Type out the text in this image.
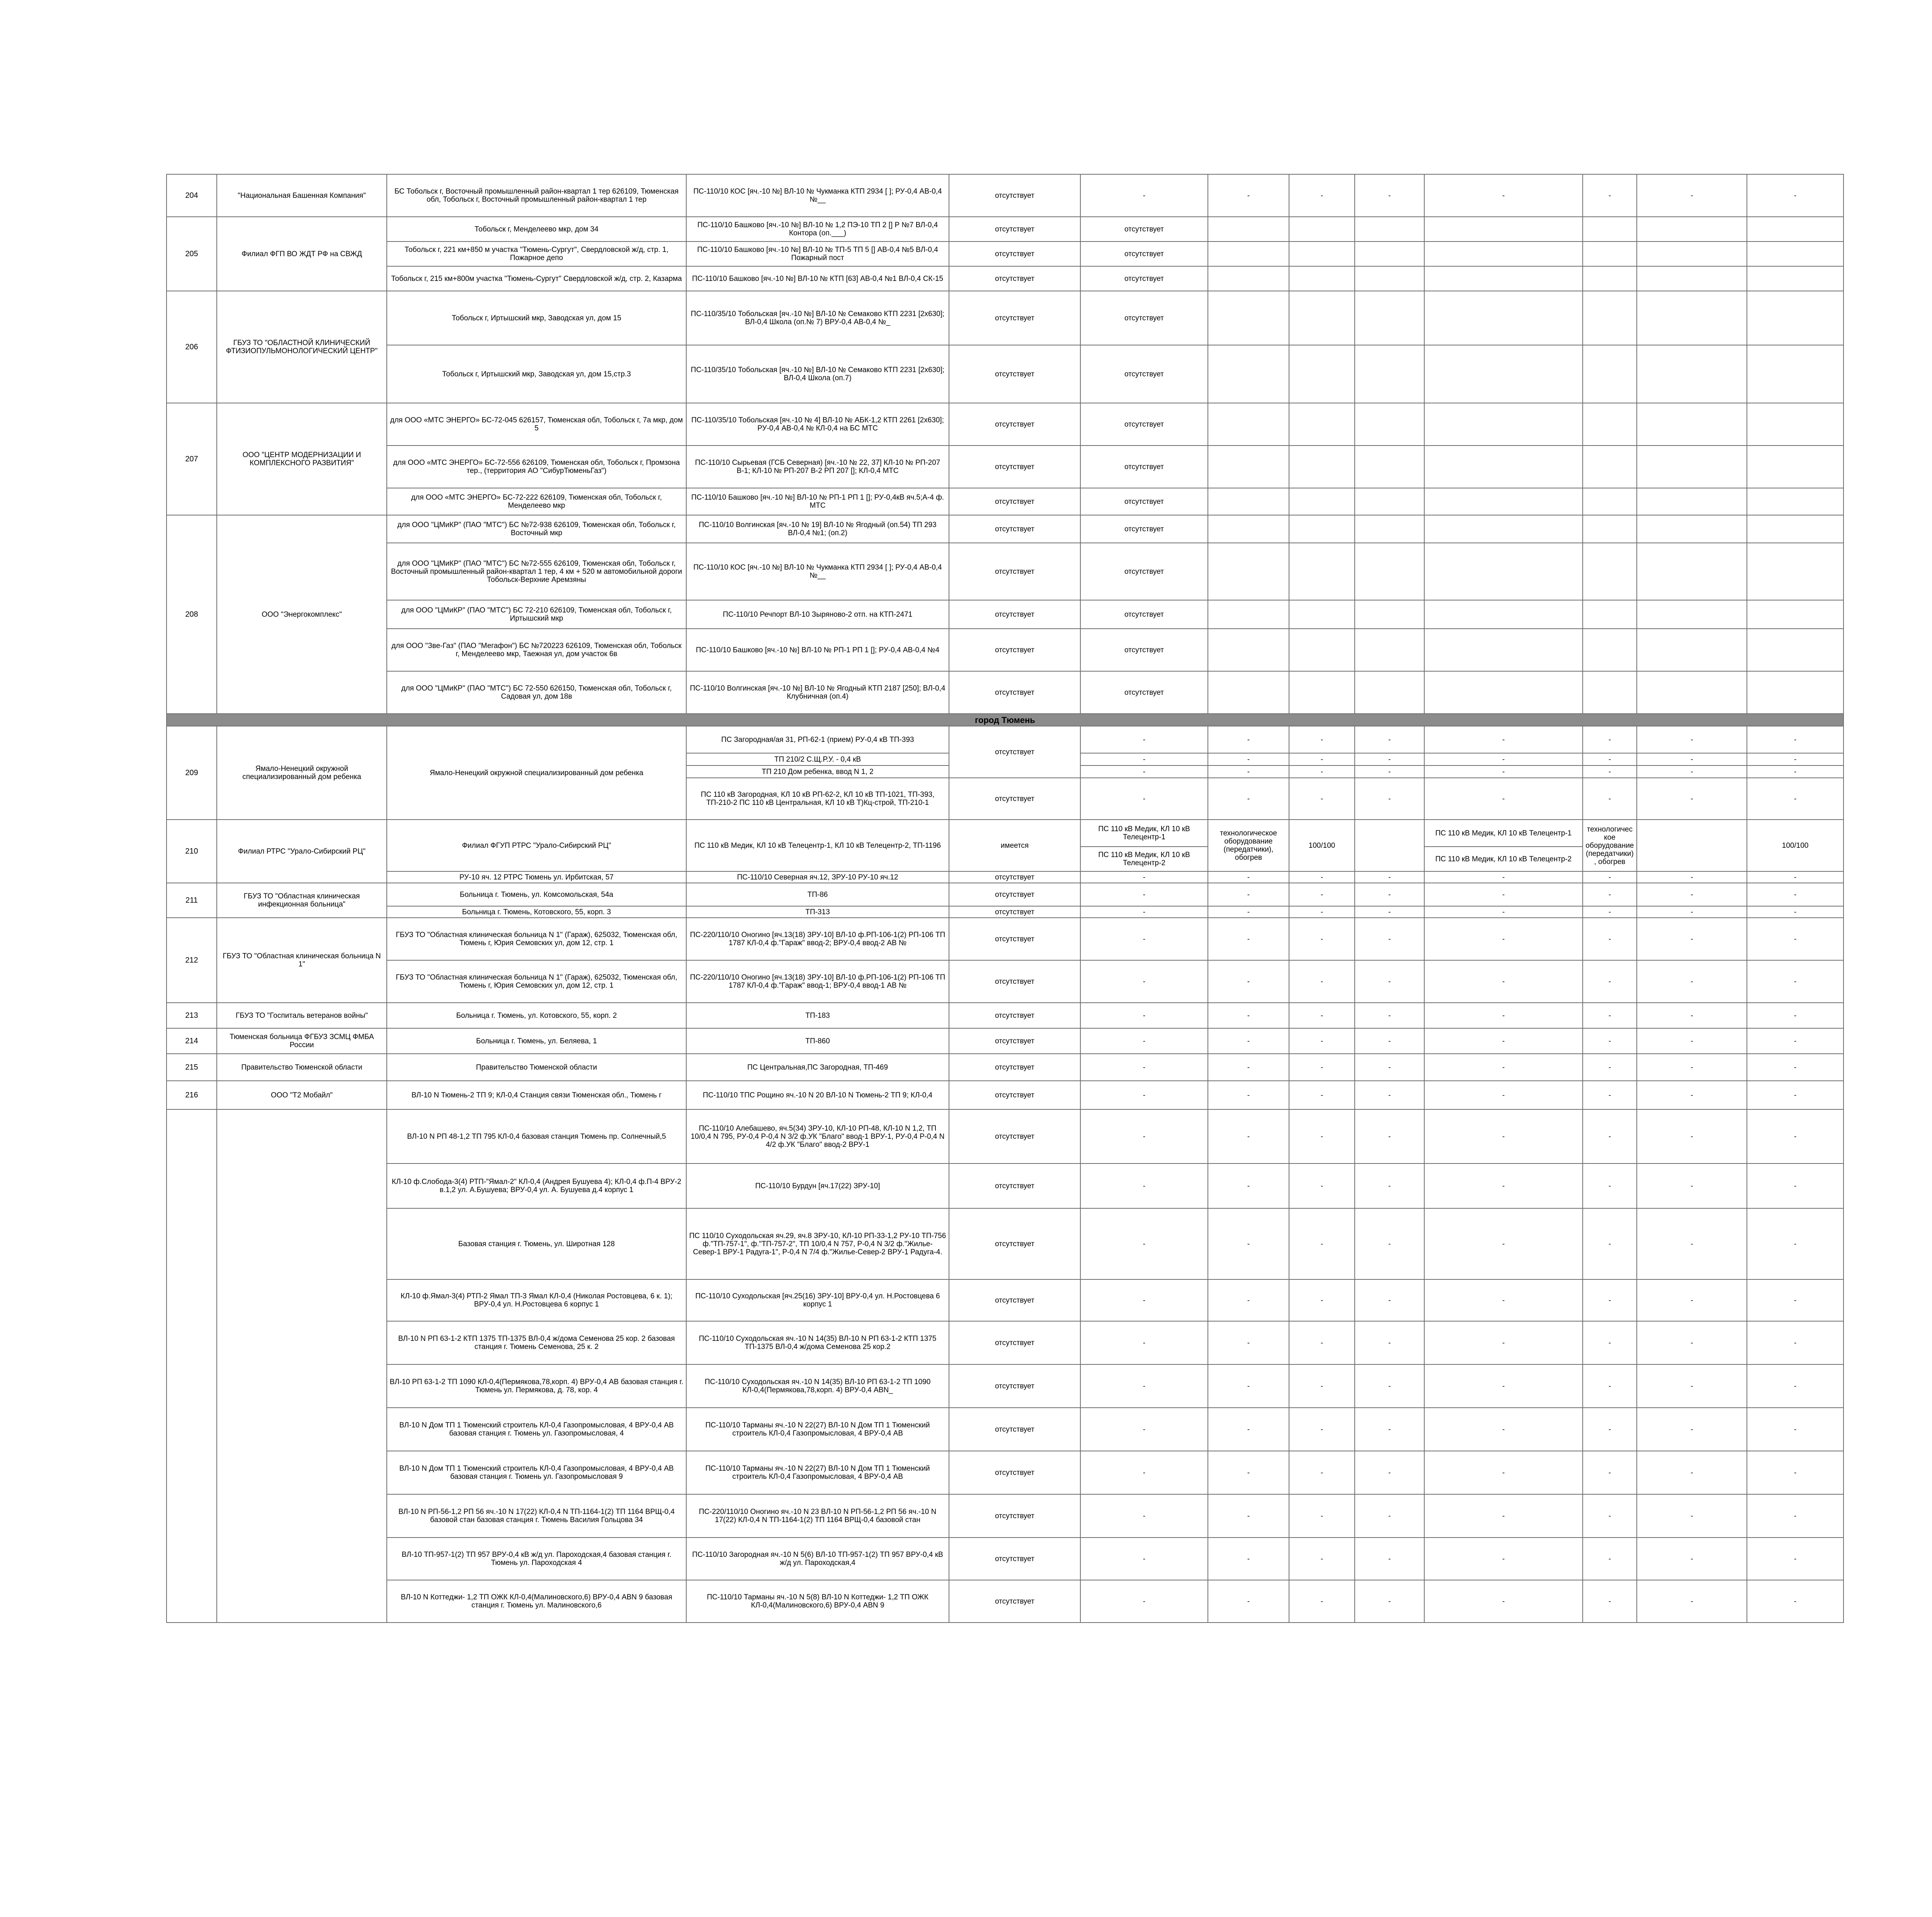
204	"Национальная Башенная Компания"	БС Тобольск г, Восточный промышленный район-квартал 1 тер 626109, Тюменская обл, Тобольск г, Восточный промышленный район-квартал 1 тер	ПС-110/10 КОС [яч.-10 №] ВЛ-10 № Чукманка КТП 2934 [ ]; РУ-0,4 АВ-0,4 №__	отсутствует	-	-	-	-	-	-	-	-
205	Филиал ФГП ВО ЖДТ РФ на СВЖД	Тобольск г, Менделеево мкр, дом 34	ПС-110/10 Башково [яч.-10 №] ВЛ-10 № 1,2 ПЭ-10 ТП 2 [] Р №7 ВЛ-0,4 Контора (оп.___)	отсутствует	отсутствует							
		Тобольск г, 221 км+850 м участка "Тюмень-Сургут", Свердловской ж/д, стр. 1, Пожарное депо	ПС-110/10 Башково [яч.-10 №] ВЛ-10 № ТП-5 ТП 5 [] АВ-0,4 №5 ВЛ-0,4 Пожарный пост	отсутствует	отсутствует							
		Тобольск г, 215 км+800м участка "Тюмень-Сургут" Свердловской ж/д, стр. 2, Казарма	ПС-110/10 Башково [яч.-10 №] ВЛ-10 № КТП [63] АВ-0,4 №1 ВЛ-0,4 СК-15	отсутствует	отсутствует							
206	ГБУЗ ТО "ОБЛАСТНОЙ КЛИНИЧЕСКИЙ ФТИЗИОПУЛЬМОНОЛОГИЧЕСКИЙ ЦЕНТР"	Тобольск г, Иртышский мкр, Заводская ул, дом 15	ПС-110/35/10 Тобольская [яч.-10 №] ВЛ-10 № Семаково КТП 2231 [2х630]; ВЛ-0,4 Школа (оп.№ 7) ВРУ-0,4 АВ-0,4 №_	отсутствует	отсутствует							
		Тобольск г, Иртышский мкр, Заводская ул, дом 15,стр.3	ПС-110/35/10 Тобольская [яч.-10 №] ВЛ-10 № Семаково КТП 2231 [2х630]; ВЛ-0,4 Школа (оп.7)	отсутствует	отсутствует							
207	ООО "ЦЕНТР МОДЕРНИЗАЦИИ И КОМПЛЕКСНОГО РАЗВИТИЯ"	для ООО «МТС ЭНЕРГО» БС-72-045 626157, Тюменская обл, Тобольск г, 7а мкр, дом 5	ПС-110/35/10 Тобольская [яч.-10 № 4] ВЛ-10 № АБК-1,2 КТП 2261 [2х630]; РУ-0,4 АВ-0,4 № КЛ-0,4 на БС МТС	отсутствует	отсутствует							
		для ООО «МТС ЭНЕРГО» БС-72-556 626109, Тюменская обл, Тобольск г, Промзона тер., (территория АО "СибурТюменьГаз")	ПС-110/10 Сырьевая (ГСБ Северная) [яч.-10 № 22, 37] КЛ-10 № РП-207 В-1; КЛ-10 № РП-207 В-2 РП 207 []; КЛ-0,4 МТС	отсутствует	отсутствует							
		для ООО «МТС ЭНЕРГО» БС-72-222 626109, Тюменская обл, Тобольск г, Менделеево мкр	ПС-110/10 Башково [яч.-10 №] ВЛ-10 № РП-1 РП 1 []; РУ-0,4кВ яч.5;А-4 ф. МТС	отсутствует	отсутствует							
208	ООО "Энергокомплекс"	для ООО "ЦМиКР" (ПАО "МТС") БС №72-938 626109, Тюменская обл, Тобольск г, Восточный мкр	ПС-110/10 Волгинская [яч.-10 № 19] ВЛ-10 № Ягодный (оп.54) ТП 293 ВЛ-0,4 №1; (оп.2)	отсутствует	отсутствует							
		для ООО "ЦМиКР" (ПАО "МТС") БС №72-555 626109, Тюменская обл, Тобольск г, Восточный промышленный район-квартал 1 тер, 4 км + 520 м автомобильной дороги Тобольск-Верхние Аремзяны	ПС-110/10 КОС [яч.-10 №] ВЛ-10 № Чукманка КТП 2934 [ ]; РУ-0,4 АВ-0,4 №__	отсутствует	отсутствует							
		для ООО "ЦМиКР" (ПАО "МТС") БС 72-210 626109, Тюменская обл, Тобольск г, Иртышский мкр	ПС-110/10 Речпорт ВЛ-10 Зыряново-2 отп. на КТП-2471	отсутствует	отсутствует							
		для ООО "Зве-Газ" (ПАО "Мегафон") БС №720223 626109, Тюменская обл, Тобольск г, Менделеево мкр, Таежная ул, дом участок 6в	ПС-110/10 Башково [яч.-10 №] ВЛ-10 № РП-1 РП 1 []; РУ-0,4 АВ-0,4 №4	отсутствует	отсутствует							
		для ООО "ЦМиКР" (ПАО "МТС") БС 72-550 626150, Тюменская обл, Тобольск г, Садовая ул, дом 18в	ПС-110/10 Волгинская [яч.-10 №] ВЛ-10 № Ягодный КТП 2187 [250]; ВЛ-0,4 Клубничная (оп.4)	отсутствует	отсутствует							
город Тюмень												
209	Ямало-Ненецкий окружной специализированный дом ребенка	Ямало-Ненецкий окружной специализированный дом ребенка	ПС Загородная/ая 31, РП-62-1 (прием) РУ-0,4 кВ ТП-393	отсутствует	-	-	-	-	-	-	-	-
			ТП 210/2 С.Щ.Р.У. - 0,4 кВ		-	-	-	-	-	-	-	-
			ТП 210 Дом ребенка, ввод N 1, 2		-	-	-	-	-	-	-	-
			ПС 110 кВ Загородная, КЛ 10 кВ РП-62-2, КЛ 10 кВ ТП-1021, ТП-393, ТП-210-2 ПС 110 кВ Центральная, КЛ 10 кВ Т)Кц-строй, ТП-210-1	отсутствует	-	-	-	-	-	-	-	-
210	Филиал РТРС "Урало-Сибирский РЦ"	Филиал ФГУП РТРС "Урало-Сибирский РЦ"	ПС 110 кВ Медик, КЛ 10 кВ Телецентр-1, КЛ 10 кВ Телецентр-2, ТП-1196	имеется	ПС 110 кВ Медик, КЛ 10 кВ Телецентр-1	технологическое оборудование (передатчики), обогрев	100/100		ПС 110 кВ Медик, КЛ 10 кВ Телецентр-1	технологическое оборудование (передатчики), обогрев		100/100
					ПС 110 кВ Медик, КЛ 10 кВ Телецентр-2				ПС 110 кВ Медик, КЛ 10 кВ Телецентр-2			
		РУ-10 яч. 12 РТРС Тюмень ул. Ирбитская, 57	ПС-110/10 Северная яч.12, ЗРУ-10 РУ-10 яч.12	отсутствует	-	-	-	-	-	-	-	-
211	ГБУЗ ТО "Областная клиническая инфекционная больница"	Больница г. Тюмень, ул. Комсомольская, 54а	ТП-86	отсутствует	-	-	-	-	-	-	-	-
		Больница г. Тюмень, Котовского, 55, корп. 3	ТП-313	отсутствует	-	-	-	-	-	-	-	-
212	ГБУЗ ТО "Областная клиническая больница N 1"	ГБУЗ ТО "Областная клиническая больница N 1" (Гараж), 625032, Тюменская обл, Тюмень г, Юрия Семовских ул, дом 12, стр. 1	ПС-220/110/10 Оногино [яч.13(18) ЗРУ-10] ВЛ-10 ф.РП-106-1(2) РП-106 ТП 1787 КЛ-0,4 ф."Гараж" ввод-2; ВРУ-0,4 ввод-2 АВ №	отсутствует	-	-	-	-	-	-	-	-
		ГБУЗ ТО "Областная клиническая больница N 1" (Гараж), 625032, Тюменская обл, Тюмень г, Юрия Семовских ул, дом 12, стр. 1	ПС-220/110/10 Оногино [яч.13(18) ЗРУ-10] ВЛ-10 ф.РП-106-1(2) РП-106 ТП 1787 КЛ-0,4 ф."Гараж" ввод-1; ВРУ-0,4 ввод-1 АВ №	отсутствует	-	-	-	-	-	-	-	-
213	ГБУЗ ТО "Госпиталь ветеранов войны"	Больница г. Тюмень, ул. Котовского, 55, корп. 2	ТП-183	отсутствует	-	-	-	-	-	-	-	-
214	Тюменская больница ФГБУЗ ЗСМЦ ФМБА России	Больница г. Тюмень, ул. Беляева, 1	ТП-860	отсутствует	-	-	-	-	-	-	-	-
215	Правительство Тюменской области	Правительство Тюменской области	ПС Центральная,ПС Загородная, ТП-469	отсутствует	-	-	-	-	-	-	-	-
216	ООО "Т2 Мобайл"	ВЛ-10 N Тюмень-2 ТП 9; КЛ-0,4 Станция связи Тюменская обл., Тюмень г	ПС-110/10 ТПС Рощино яч.-10 N 20 ВЛ-10 N Тюмень-2 ТП 9; КЛ-0,4	отсутствует	-	-	-	-	-	-	-	-
		ВЛ-10 N РП 48-1,2 ТП 795 КЛ-0,4 базовая станция Тюмень пр. Солнечный,5	ПС-110/10 Алебашево, яч.5(34) ЗРУ-10, КЛ-10 РП-48, КЛ-10 N 1,2, ТП 10/0,4 N 795, РУ-0,4 Р-0,4 N 3/2 ф.УК "Благо" ввод-1 ВРУ-1, РУ-0,4 Р-0,4 N 4/2 ф.УК "Благо" ввод-2 ВРУ-1	отсутствует	-	-	-	-	-	-	-	-
		КЛ-10 ф.Слобода-3(4) РТП-"Ямал-2" КЛ-0,4 (Андрея Бушуева 4); КЛ-0,4 ф.П-4 ВРУ-2 в.1,2 ул. А.Бушуева; ВРУ-0,4 ул. А. Бушуева д.4 корпус 1	ПС-110/10 Бурдун [яч.17(22) ЗРУ-10]	отсутствует	-	-	-	-	-	-	-	-
		Базовая станция г. Тюмень, ул. Широтная 128	ПС 110/10 Суходольская яч.29, яч.8 ЗРУ-10, КЛ-10 РП-33-1,2 РУ-10 ТП-756 ф."ТП-757-1", ф."ТП-757-2", ТП 10/0,4 N 757, Р-0,4 N 3/2 ф."Жилье-Север-1 ВРУ-1 Радуга-1", Р-0,4 N 7/4 ф."Жилье-Север-2 ВРУ-1 Радуга-4.	отсутствует	-	-	-	-	-	-	-	-
		КЛ-10 ф.Ямал-3(4) РТП-2 Ямал ТП-3 Ямал КЛ-0,4 (Николая Ростовцева, 6 к. 1); ВРУ-0,4 ул. Н.Ростовцева 6 корпус 1	ПС-110/10 Суходольская [яч.25(16) ЗРУ-10] ВРУ-0,4 ул. Н.Ростовцева 6 корпус 1	отсутствует	-	-	-	-	-	-	-	-
		ВЛ-10 N РП 63-1-2 КТП 1375 ТП-1375 ВЛ-0,4 ж/дома Семенова 25 кор. 2 базовая станция г. Тюмень Семенова, 25 к. 2	ПС-110/10 Суходольская яч.-10 N 14(35) ВЛ-10 N РП 63-1-2 КТП 1375 ТП-1375 ВЛ-0,4 ж/дома Семенова 25 кор.2	отсутствует	-	-	-	-	-	-	-	-
		ВЛ-10 РП 63-1-2 ТП 1090 КЛ-0,4(Пермякова,78,корп. 4) ВРУ-0,4 АВ базовая станция г. Тюмень ул. Пермякова, д. 78, кор. 4	ПС-110/10 Суходольская яч.-10 N 14(35) ВЛ-10 РП 63-1-2 ТП 1090 КЛ-0,4(Пермякова,78,корп. 4) ВРУ-0,4 ABN_	отсутствует	-	-	-	-	-	-	-	-
		ВЛ-10 N Дом ТП 1 Тюменский строитель КЛ-0,4 Газопромысловая, 4 ВРУ-0,4 АВ базовая станция г. Тюмень ул. Газопромысловая, 4	ПС-110/10 Тарманы яч.-10 N 22(27) ВЛ-10 N Дом ТП 1 Тюменский строитель КЛ-0,4 Газопромысловая, 4 ВРУ-0,4 АВ	отсутствует	-	-	-	-	-	-	-	-
		ВЛ-10 N Дом ТП 1 Тюменский строитель КЛ-0,4 Газопромысловая, 4 ВРУ-0,4 АВ базовая станция г. Тюмень ул. Газопромысловая 9	ПС-110/10 Тарманы яч.-10 N 22(27) ВЛ-10 N Дом ТП 1 Тюменский строитель КЛ-0,4 Газопромысловая, 4 ВРУ-0,4 АВ	отсутствует	-	-	-	-	-	-	-	-
		ВЛ-10 N РП-56-1,2 РП 56 яч.-10 N 17(22) КЛ-0,4 N ТП-1164-1(2) ТП 1164 ВРЩ-0,4 базовой стан базовая станция г. Тюмень Василия Гольцова 34	ПС-220/110/10 Оногино яч.-10 N 23 ВЛ-10 N РП-56-1,2 РП 56 яч.-10 N 17(22) КЛ-0,4 N ТП-1164-1(2) ТП 1164 ВРЩ-0,4 базовой стан	отсутствует	-	-	-	-	-	-	-	-
		ВЛ-10 ТП-957-1(2) ТП 957 ВРУ-0,4 кВ ж/д ул. Пароходская,4 базовая станция г. Тюмень ул. Пароходская 4	ПС-110/10 Загородная яч.-10 N 5(6) ВЛ-10 ТП-957-1(2) ТП 957 ВРУ-0,4 кВ ж/д ул. Пароходская,4	отсутствует	-	-	-	-	-	-	-	-
		ВЛ-10 N Коттеджи- 1,2 ТП ОЖК КЛ-0,4(Малиновского,6) ВРУ-0,4 ABN 9 базовая станция г. Тюмень ул. Малиновского,6	ПС-110/10 Тарманы яч.-10 N 5(8) ВЛ-10 N Коттеджи- 1,2 ТП ОЖК КЛ-0,4(Малиновского,6) ВРУ-0,4 ABN 9	отсутствует	-	-	-	-	-	-	-	-
